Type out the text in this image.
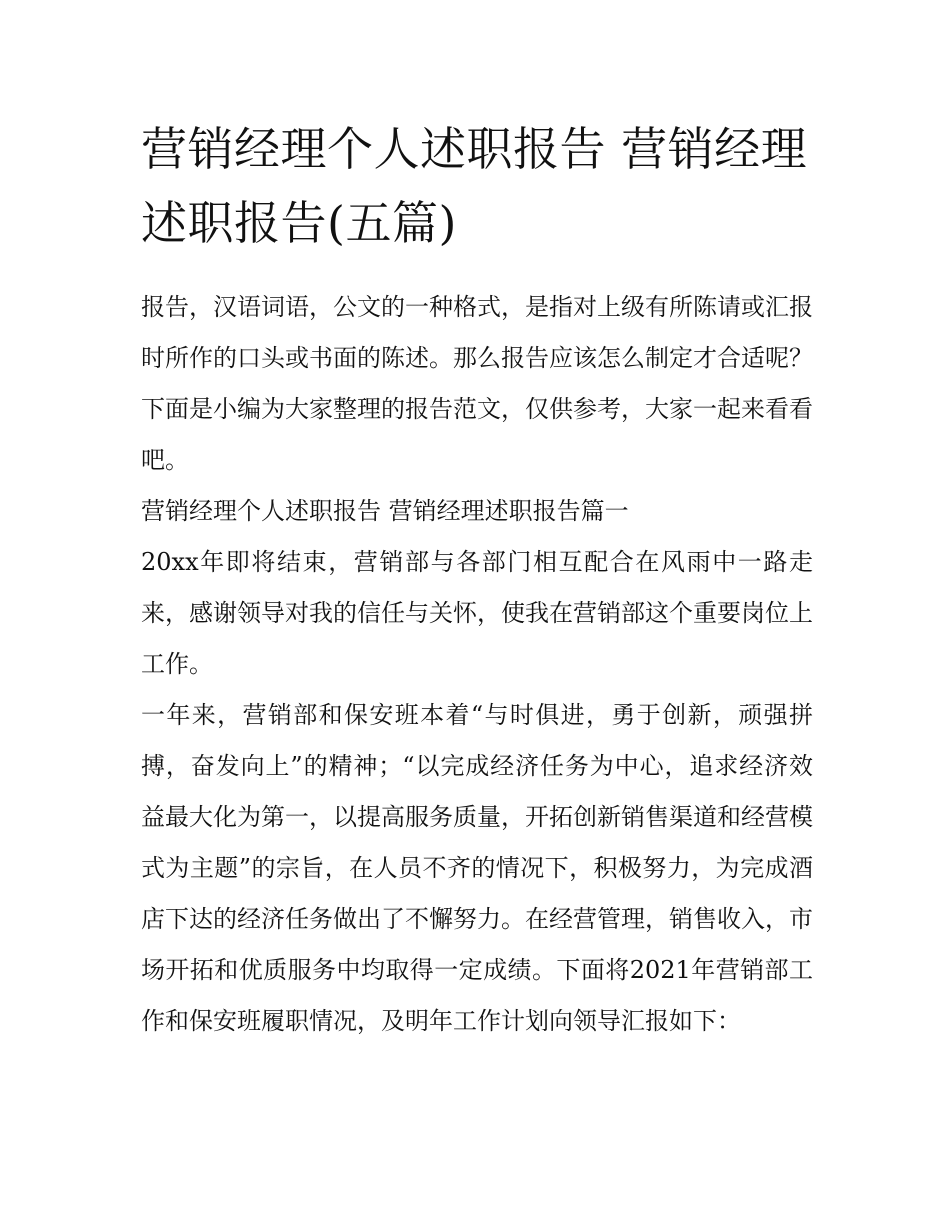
营销经理个人述职报告 营销经理述职报告(五篇)

报告，汉语词语，公文的一种格式，是指对上级有所陈请或汇报时所作的口头或书面的陈述。那么报告应该怎么制定才合适呢？下面是小编为大家整理的报告范文，仅供参考，大家一起来看看吧。

营销经理个人述职报告 营销经理述职报告篇一

20xx年即将结束，营销部与各部门相互配合在风雨中一路走来，感谢领导对我的信任与关怀，使我在营销部这个重要岗位上工作。

一年来，营销部和保安班本着“与时俱进，勇于创新，顽强拼搏，奋发向上”的精神；“以完成经济任务为中心，追求经济效益最大化为第一，以提高服务质量，开拓创新销售渠道和经营模式为主题”的宗旨，在人员不齐的情况下，积极努力，为完成酒店下达的经济任务做出了不懈努力。在经营管理，销售收入，市场开拓和优质服务中均取得一定成绩。下面将2021年营销部工作和保安班履职情况，及明年工作计划向领导汇报如下：
